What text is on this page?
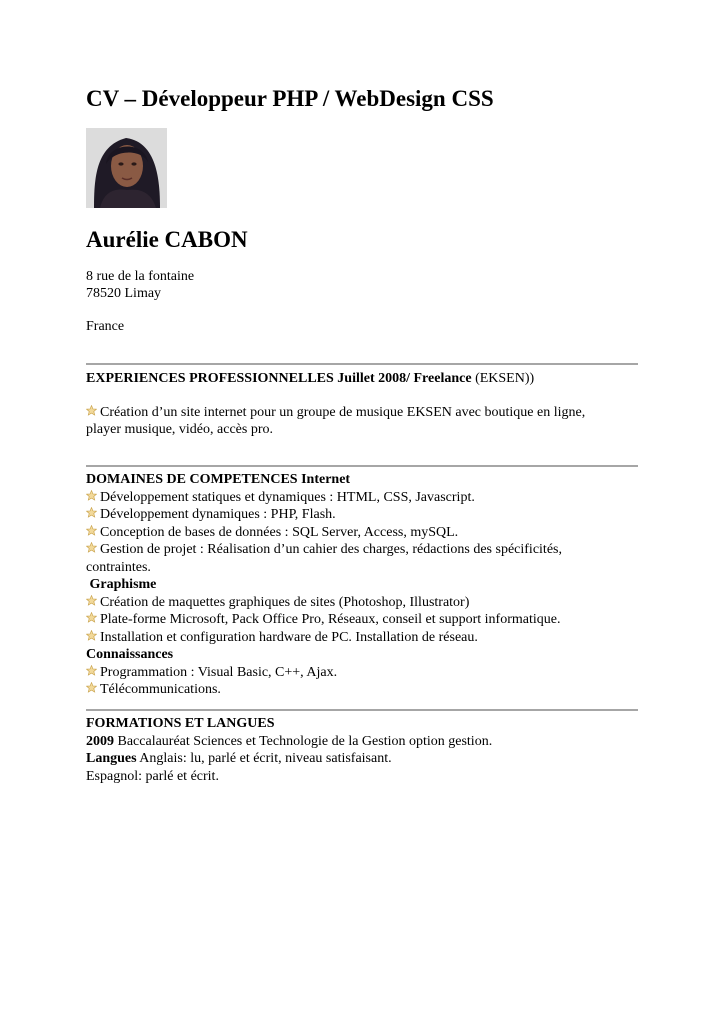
CV – Développeur PHP / WebDesign CSS
Aurélie CABON
8 rue de la fontaine
78520 Limay
France
EXPERIENCES PROFESSIONNELLES Juillet 2008/ Freelance (EKSEN))
Création d’un site internet pour un groupe de musique EKSEN avec boutique en ligne,
player musique, vidéo, accès pro.
DOMAINES DE COMPETENCES Internet
Développement statiques et dynamiques : HTML, CSS, Javascript.
Développement dynamiques : PHP, Flash.
Conception de bases de données : SQL Server, Access, mySQL.
Gestion de projet : Réalisation d’un cahier des charges, rédactions des spécificités,
contraintes.
Graphisme
Création de maquettes graphiques de sites (Photoshop, Illustrator)
Plate-forme Microsoft, Pack Office Pro, Réseaux, conseil et support informatique.
Installation et configuration hardware de PC. Installation de réseau.
Connaissances
Programmation : Visual Basic, C++, Ajax.
Télécommunications.
FORMATIONS ET LANGUES
2009 Baccalauréat Sciences et Technologie de la Gestion option gestion.
Langues Anglais: lu, parlé et écrit, niveau satisfaisant.
Espagnol: parlé et écrit.
